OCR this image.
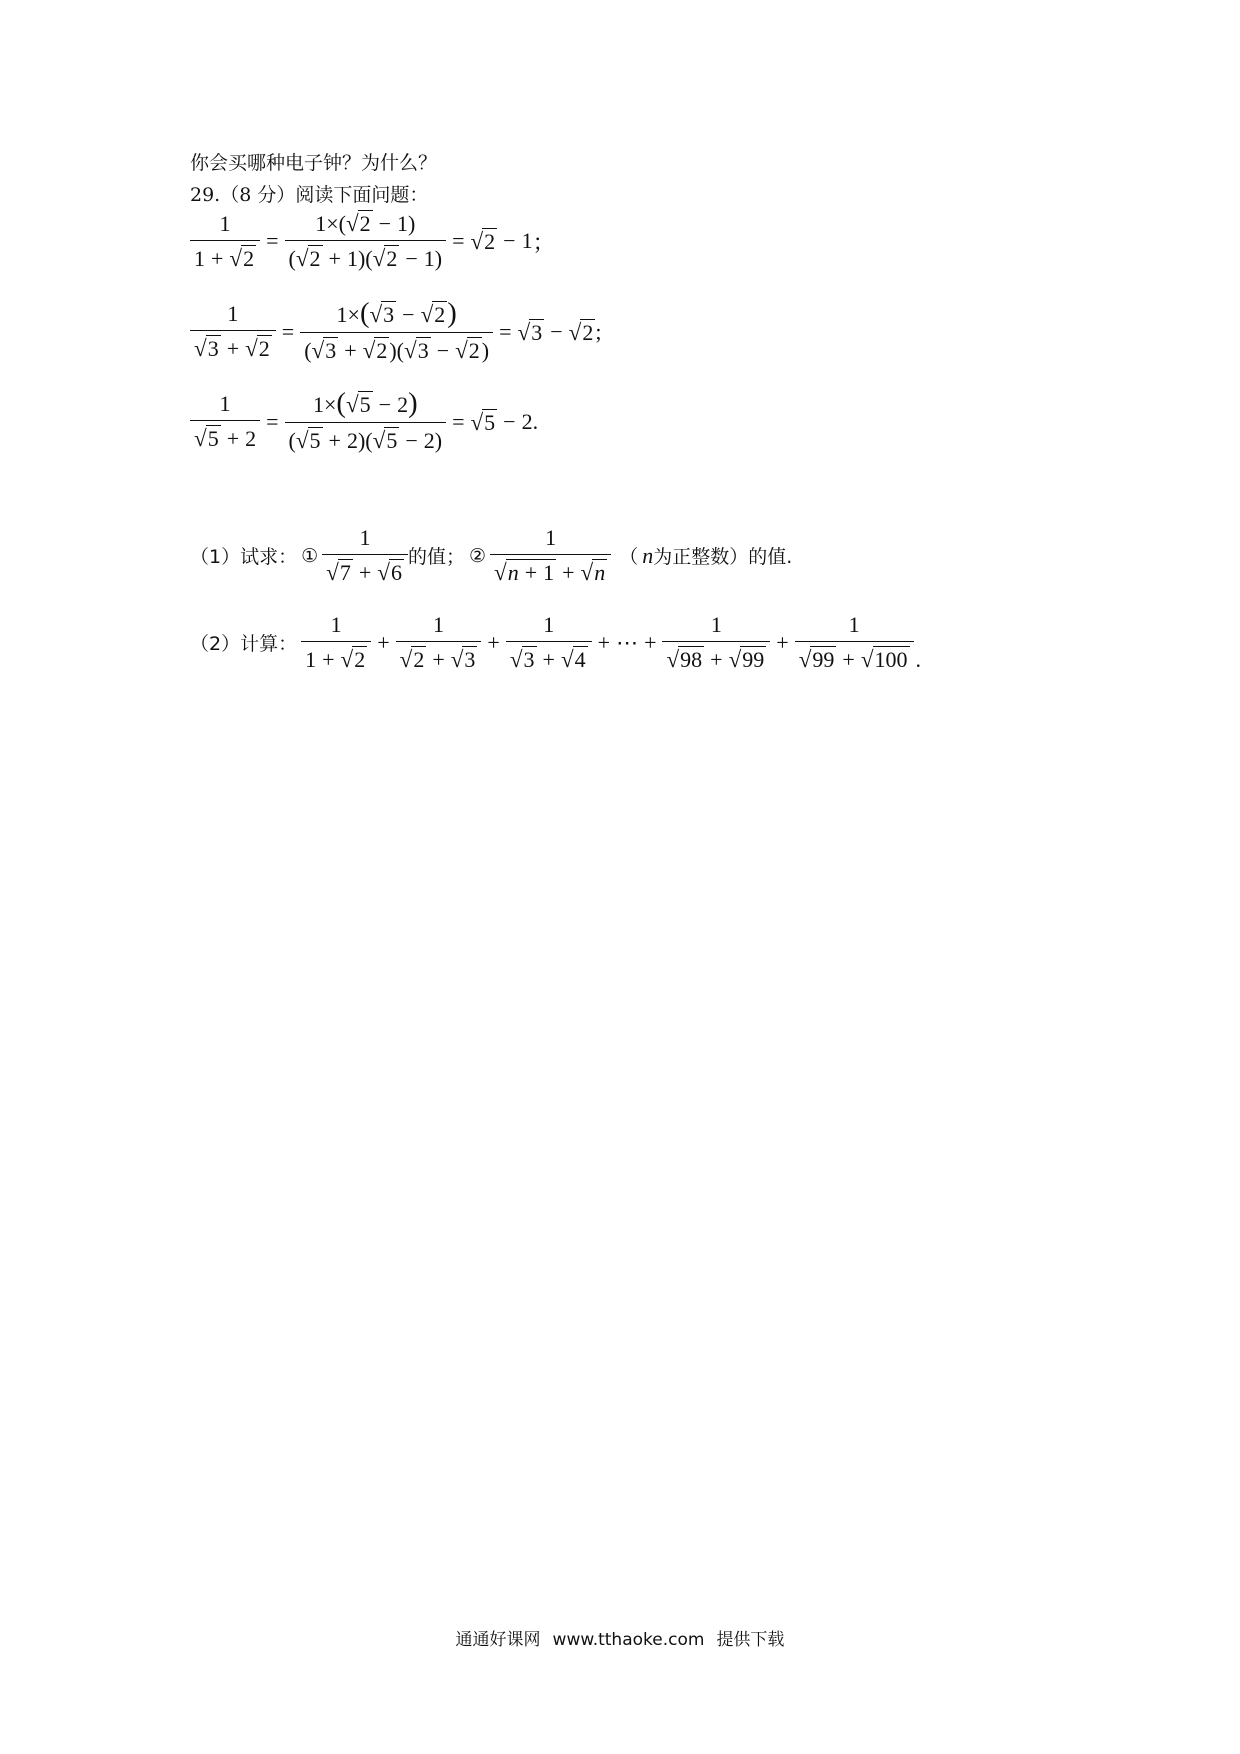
你会买哪种电子钟？为什么？
29.（8 分）阅读下面问题：
$\frac{1}{1 + √ 2} = \frac{1\times( √ 2 - 1)}{( √ 2 + 1)( √ 2 - 1)}$ = √ 2 − 1 ；
$\frac{1}{√ 3 + √ 2} = \frac{1\times( √ 3 - √ 2 )}{( √ 3 + √ 2 )( √ 3 - √ 2 )}$ = √ 3 − √ 2 ;
$\frac{1}{√ 5 + 2} = \frac{1\times( √ 5 - 2)}{( √ 5 + 2)( √ 5 - 2)}$ = √ 5 − 2 .
（1）试求： ① $\frac{1}{√ 7 + √ 6}$ 的值； ② $\frac{1}{√ n + 1 + √ n}$ （ n 为正整数）的值.
（2）计算： $\frac{1}{1 + √ 2} + \frac{1}{√ 2 + √ 3} + \frac{1}{√ 3 + √ 4}$ + ⋯ + $\frac{1}{√ 98 + √ 99} + \frac{1}{√ 99 + √ 100}$ .
通通好课网 www.tthaoke.com 提供下载
